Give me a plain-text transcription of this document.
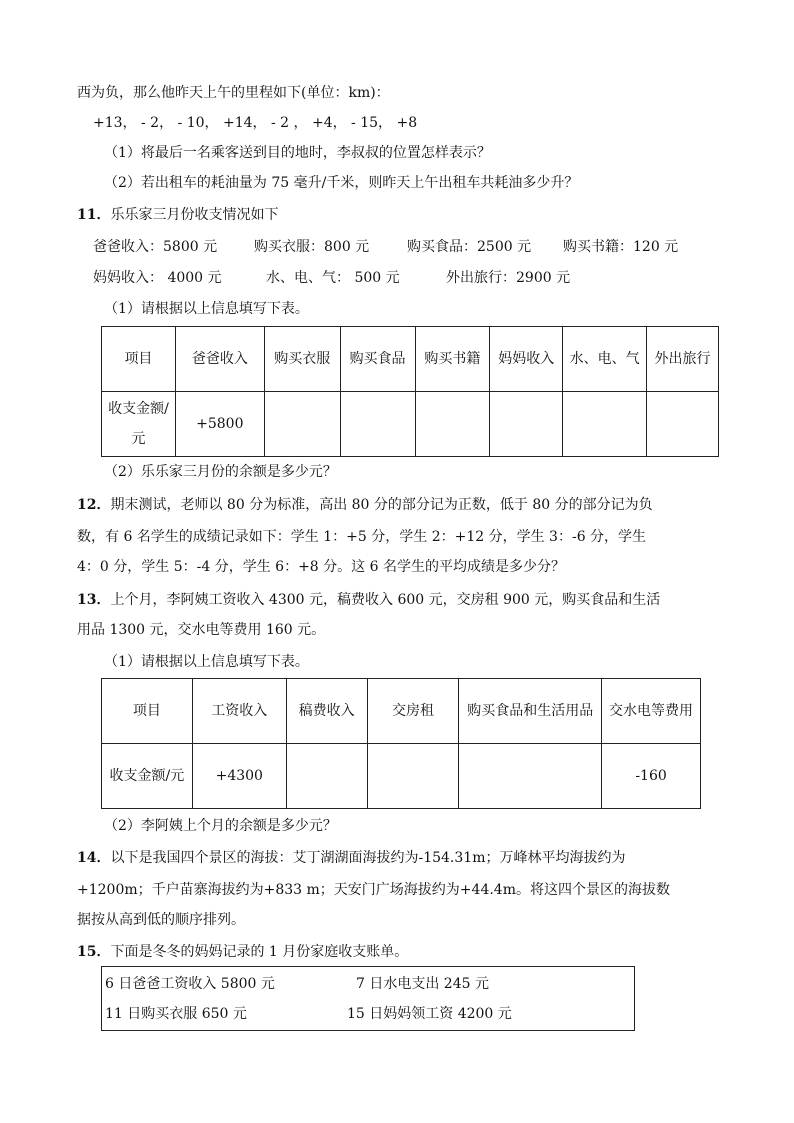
西为负，那么他昨天上午的里程如下(单位：km)：
+13， - 2， - 10， +14， - 2 ， +4， - 15， +8
（1）将最后一名乘客送到目的地时，李叔叔的位置怎样表示？
（2）若出租车的耗油量为 75 毫升/千米，则昨天上午出租车共耗油多少升？
11．乐乐家三月份收支情况如下
爸爸收入：5800 元	购买衣服：800 元	购买食品：2500 元 购买书籍：120 元
妈妈收入： 4000 元	水、电、气： 500 元	外出旅行：2900 元
（1）请根据以上信息填写下表。
项目	爸爸收入	购买衣服	购买食品	购买书籍	妈妈收入	水、电、气	外出旅行
收支金额/元	+5800						
（2）乐乐家三月份的余额是多少元？
12．期末测试，老师以 80 分为标准，高出 80 分的部分记为正数，低于 80 分的部分记为负
数，有 6 名学生的成绩记录如下：学生 1：+5 分，学生 2：+12 分，学生 3：-6 分，学生
4：0 分，学生 5：-4 分，学生 6：+8 分。这 6 名学生的平均成绩是多少分？
13．上个月，李阿姨工资收入 4300 元，稿费收入 600 元，交房租 900 元，购买食品和生活
用品 1300 元，交水电等费用 160 元。
（1）请根据以上信息填写下表。
项目	工资收入	稿费收入	交房租	购买食品和生活用品	交水电等费用
收支金额/元	+4300				-160
（2）李阿姨上个月的余额是多少元？
14．以下是我国四个景区的海拔：艾丁湖湖面海拔约为-154.31m；万峰林平均海拔约为
+1200m；千户苗寨海拔约为+833 m；天安门广场海拔约为+44.4m。将这四个景区的海拔数
据按从高到低的顺序排列。
15．下面是冬冬的妈妈记录的 1 月份家庭收支账单。
6 日爸爸工资收入 5800 元	7 日水电支出 245 元
11 日购买衣服 650 元	15 日妈妈领工资 4200 元
